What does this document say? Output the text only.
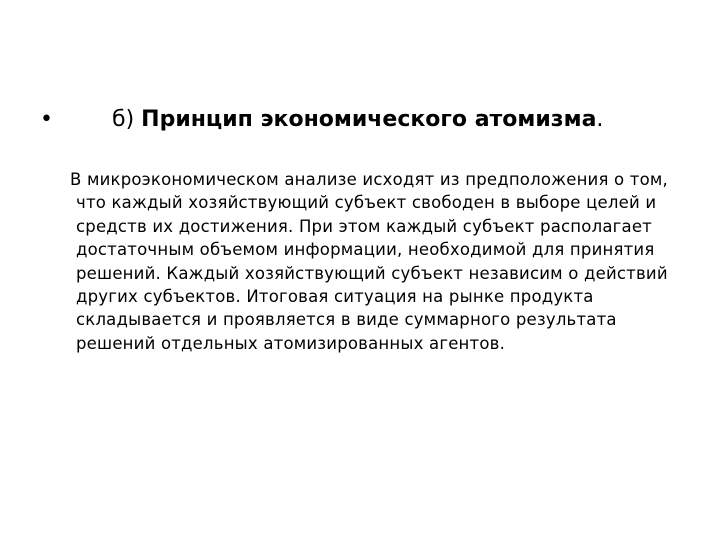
•	б) Принцип экономического атомизма.
В микроэкономическом анализе исходят из предположения о том, что каждый хозяйствующий субъект свободен в выборе целей и средств их достижения. При этом каждый субъект располагает достаточным объемом информации, необходимой для принятия решений. Каждый хозяйствующий субъект независим о действий других субъектов. Итоговая ситуация на рынке продукта складывается и проявляется в виде суммарного результата решений отдельных атомизированных агентов.
